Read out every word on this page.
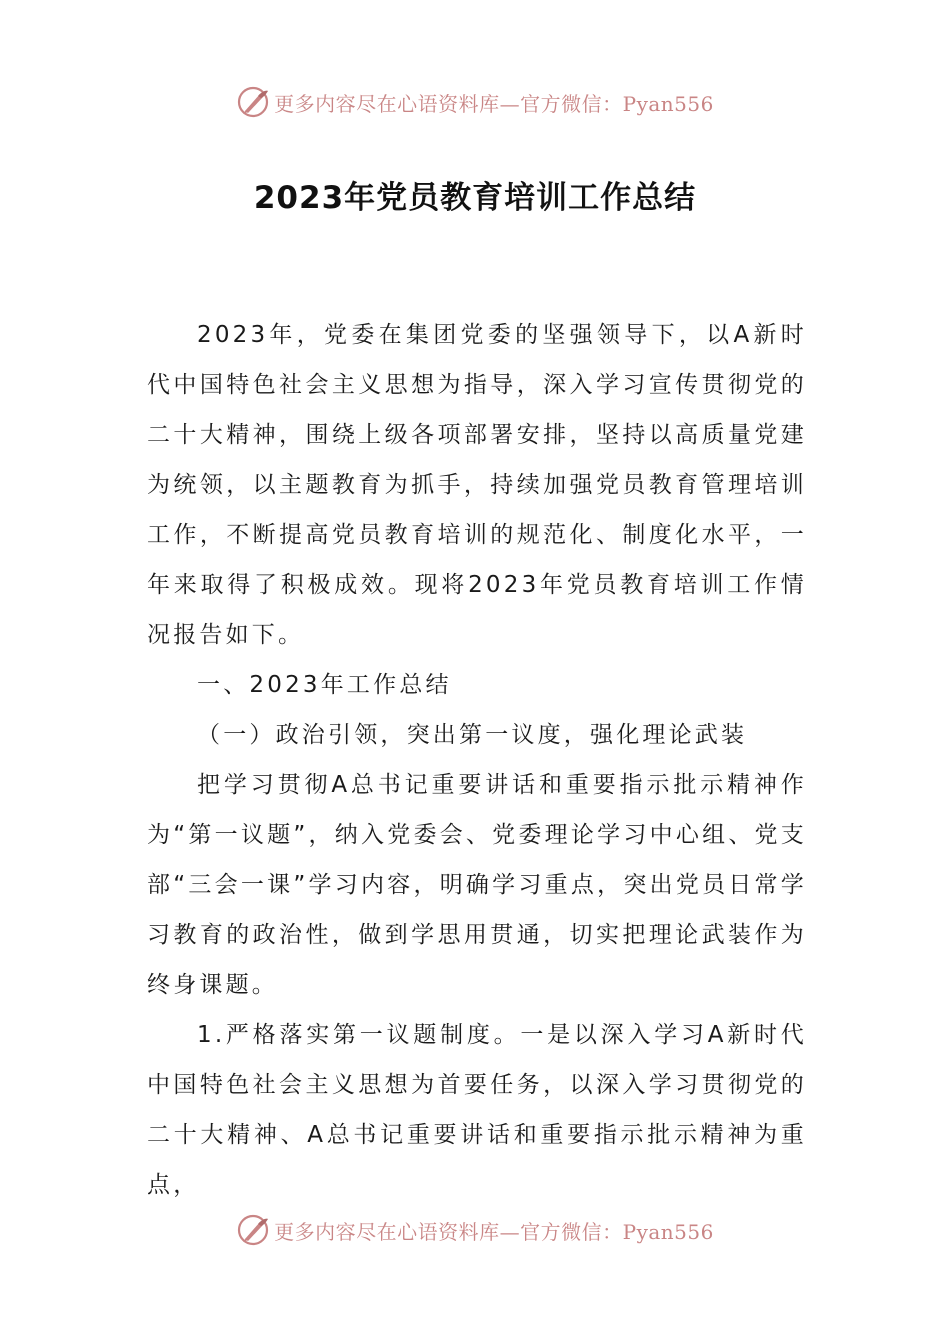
更多内容尽在心语资料库—官方微信：Pyan556
2023年党员教育培训工作总结

2023年，党委在集团党委的坚强领导下，以A新时代中国特色社会主义思想为指导，深入学习宣传贯彻党的二十大精神，围绕上级各项部署安排，坚持以高质量党建为统领，以主题教育为抓手，持续加强党员教育管理培训工作，不断提高党员教育培训的规范化、制度化水平，一年来取得了积极成效。现将2023年党员教育培训工作情况报告如下。

一、2023年工作总结

（一）政治引领，突出第一议度，强化理论武装

把学习贯彻A总书记重要讲话和重要指示批示精神作为“第一议题”，纳入党委会、党委理论学习中心组、党支部“三会一课”学习内容，明确学习重点，突出党员日常学习教育的政治性，做到学思用贯通，切实把理论武装作为终身课题。

1.严格落实第一议题制度。一是以深入学习A新时代中国特色社会主义思想为首要任务，以深入学习贯彻党的二十大精神、A总书记重要讲话和重要指示批示精神为重点，

更多内容尽在心语资料库—官方微信：Pyan556
